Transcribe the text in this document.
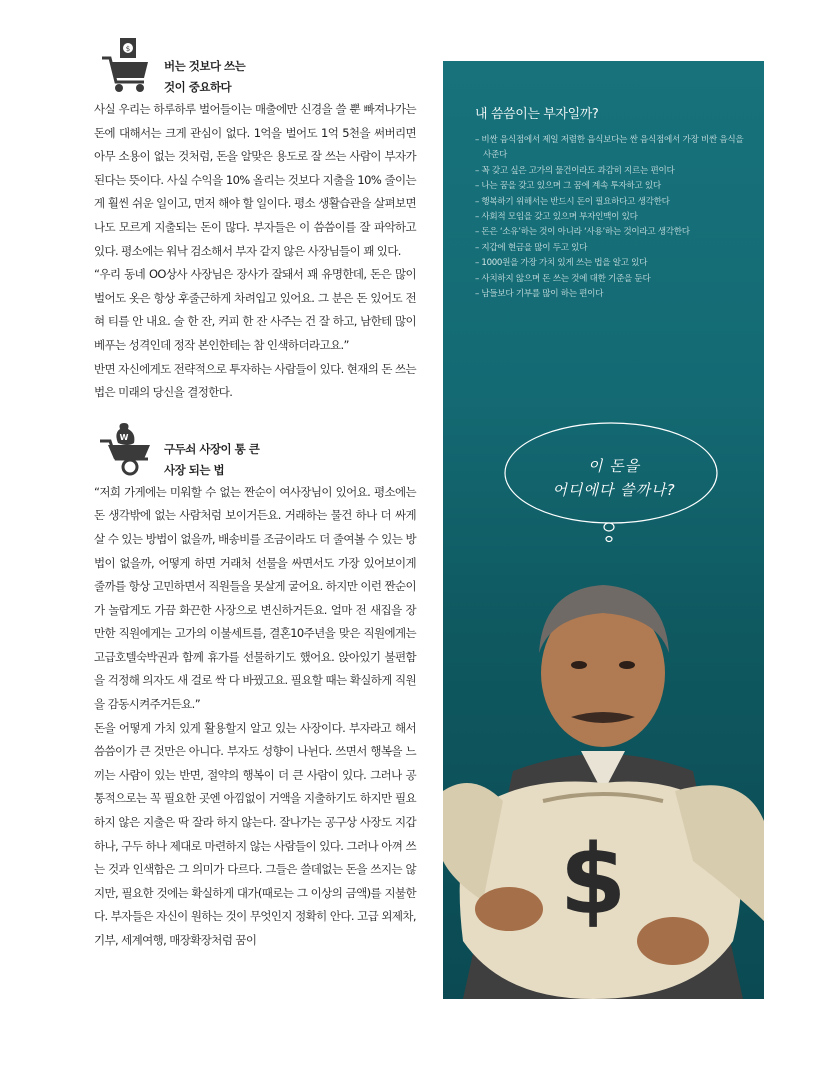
$
버는 것보다 쓰는
것이 중요하다

사실 우리는 하루하루 벌어들이는 매출에만 신경을 쓸 뿐 빠져나가는 돈에 대해서는 크게 관심이 없다. 1억을 벌어도 1억 5천을 써버리면 아무 소용이 없는 것처럼, 돈을 알맞은 용도로 잘 쓰는 사람이 부자가 된다는 뜻이다. 사실 수익을 10% 올리는 것보다 지출을 10% 줄이는 게 훨씬 쉬운 일이고, 먼저 해야 할 일이다. 평소 생활습관을 살펴보면 나도 모르게 지출되는 돈이 많다. 부자들은 이 씀씀이를 잘 파악하고 있다. 평소에는 워낙 검소해서 부자 같지 않은 사장님들이 꽤 있다.

“우리 동네 OO상사 사장님은 장사가 잘돼서 꽤 유명한데, 돈은 많이 벌어도 옷은 항상 후줄근하게 차려입고 있어요. 그 분은 돈 있어도 전혀 티를 안 내요. 술 한 잔, 커피 한 잔 사주는 건 잘 하고, 남한테 많이 베푸는 성격인데 정작 본인한테는 참 인색하더라고요.”

반면 자신에게도 전략적으로 투자하는 사람들이 있다. 현재의 돈 쓰는 법은 미래의 당신을 결정한다.

W
구두쇠 사장이 통 큰
사장 되는 법

“저희 가게에는 미워할 수 없는 짠순이 여사장님이 있어요. 평소에는 돈 생각밖에 없는 사람처럼 보이거든요. 거래하는 물건 하나 더 싸게 살 수 있는 방법이 없을까, 배송비를 조금이라도 더 줄여볼 수 있는 방법이 없을까, 어떻게 하면 거래처 선물을 싸면서도 가장 있어보이게 줄까를 항상 고민하면서 직원들을 못살게 굴어요. 하지만 이런 짠순이가 놀랍게도 가끔 화끈한 사장으로 변신하거든요. 얼마 전 새집을 장만한 직원에게는 고가의 이불세트를, 결혼10주년을 맞은 직원에게는 고급호텔숙박권과 함께 휴가를 선물하기도 했어요. 앉아있기 불편함을 걱정해 의자도 새 걸로 싹 다 바꿨고요. 필요할 때는 확실하게 직원을 감동시켜주거든요.”

돈을 어떻게 가치 있게 활용할지 알고 있는 사장이다. 부자라고 해서 씀씀이가 큰 것만은 아니다. 부자도 성향이 나뉜다. 쓰면서 행복을 느끼는 사람이 있는 반면, 절약의 행복이 더 큰 사람이 있다. 그러나 공통적으로는 꼭 필요한 곳엔 아낌없이 거액을 지출하기도 하지만 필요하지 않은 지출은 딱 잘라 하지 않는다. 잘나가는 공구상 사장도 지갑 하나, 구두 하나 제대로 마련하지 않는 사람들이 있다. 그러나 아껴 쓰는 것과 인색함은 그 의미가 다르다. 그들은 쓸데없는 돈을 쓰지는 않지만, 필요한 것에는 확실하게 대가(때로는 그 이상의 금액)를 지불한다. 부자들은 자신이 원하는 것이 무엇인지 정확히 안다. 고급 외제차, 기부, 세계여행, 매장확장처럼 꿈이

내 씀씀이는 부자일까?
– 비싼 음식점에서 제일 저렴한 음식보다는 싼 음식점에서 가장 비싼 음식을 사준다
– 꼭 갖고 싶은 고가의 물건이라도 과감히 지르는 편이다
– 나는 꿈을 갖고 있으며 그 꿈에 계속 투자하고 있다
– 행복하기 위해서는 반드시 돈이 필요하다고 생각한다
– 사회적 모임을 갖고 있으며 부자인맥이 있다
– 돈은 ‘소유’하는 것이 아니라 ‘사용’하는 것이라고 생각한다
– 지갑에 현금을 많이 두고 있다
– 1000원을 가장 가치 있게 쓰는 법을 알고 있다
– 사치하지 않으며 돈 쓰는 것에 대한 기준을 둔다
– 남들보다 기부를 많이 하는 편이다
이 돈을
어디에다 쓸까나?
$
